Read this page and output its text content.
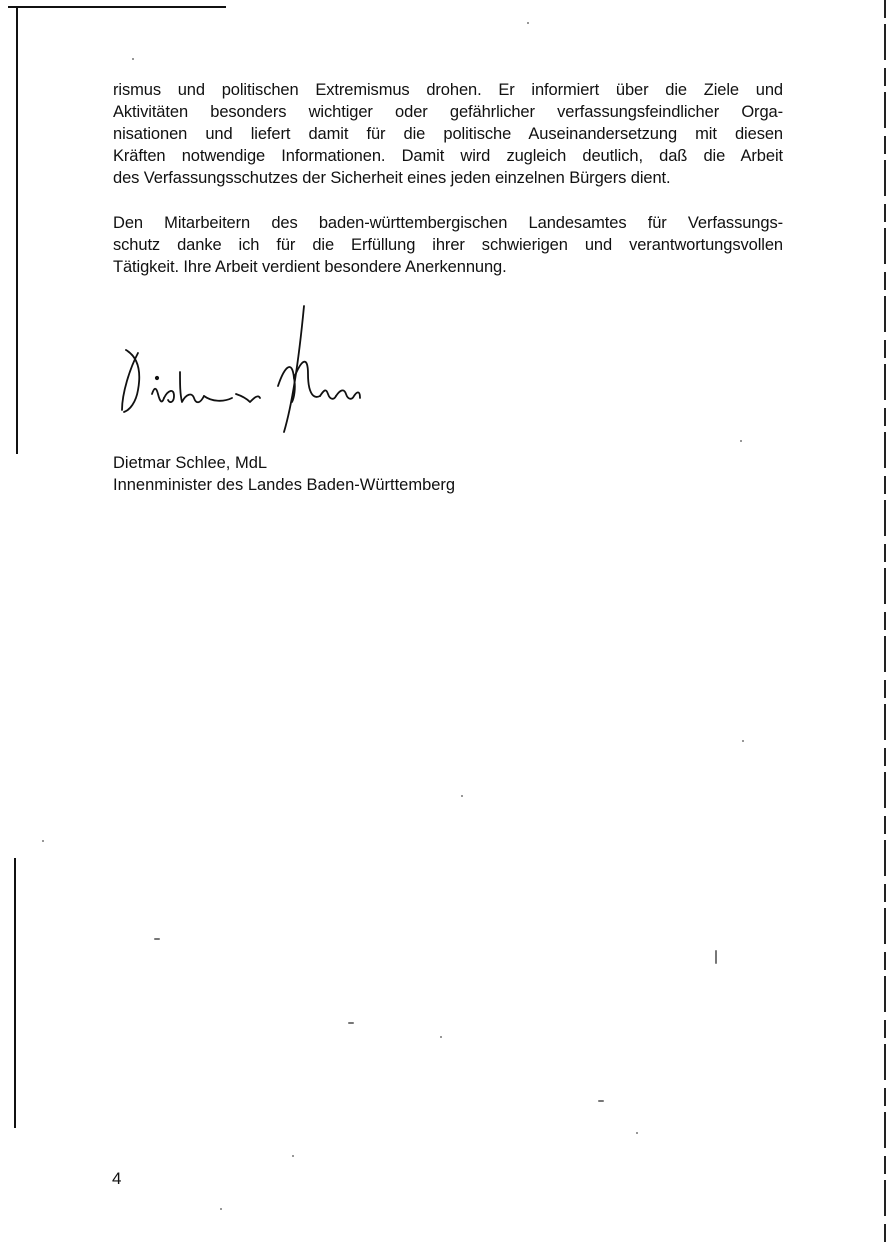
rismus und politischen Extremismus drohen. Er informiert über die Ziele und
Aktivitäten besonders wichtiger oder gefährlicher verfassungsfeindlicher Orga-
nisationen und liefert damit für die politische Auseinandersetzung mit diesen
Kräften notwendige Informationen. Damit wird zugleich deutlich, daß die Arbeit
des Verfassungsschutzes der Sicherheit eines jeden einzelnen Bürgers dient.
Den Mitarbeitern des baden-württembergischen Landesamtes für Verfassungs-
schutz danke ich für die Erfüllung ihrer schwierigen und verantwortungsvollen
Tätigkeit. Ihre Arbeit verdient besondere Anerkennung.
Dietmar Schlee, MdL
Innenminister des Landes Baden-Württemberg
4
